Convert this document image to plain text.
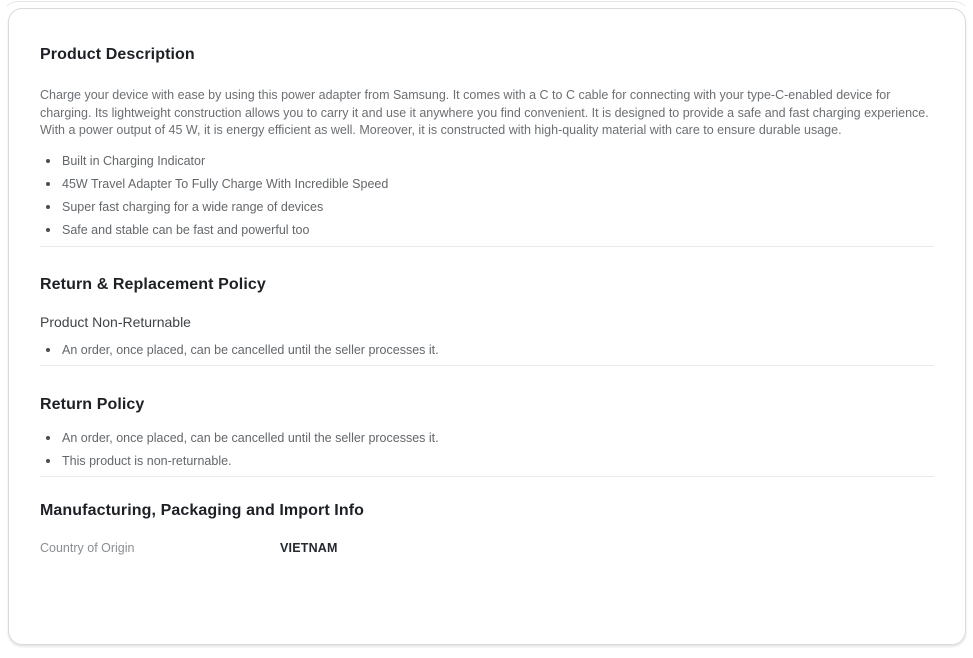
Product Description

Charge your device with ease by using this power adapter from Samsung. It comes with a C to C cable for connecting with your type-C-enabled device for charging. Its lightweight construction allows you to carry it and use it anywhere you find convenient. It is designed to provide a safe and fast charging experience. With a power output of 45 W, it is energy efficient as well. Moreover, it is constructed with high-quality material with care to ensure durable usage.

Built in Charging Indicator
45W Travel Adapter To Fully Charge With Incredible Speed
Super fast charging for a wide range of devices
Safe and stable can be fast and powerful too
Return & Replacement Policy
Product Non-Returnable
An order, once placed, can be cancelled until the seller processes it.
Return Policy
An order, once placed, can be cancelled until the seller processes it.
This product is non-returnable.
Manufacturing, Packaging and Import Info
Country of Origin	VIETNAM
